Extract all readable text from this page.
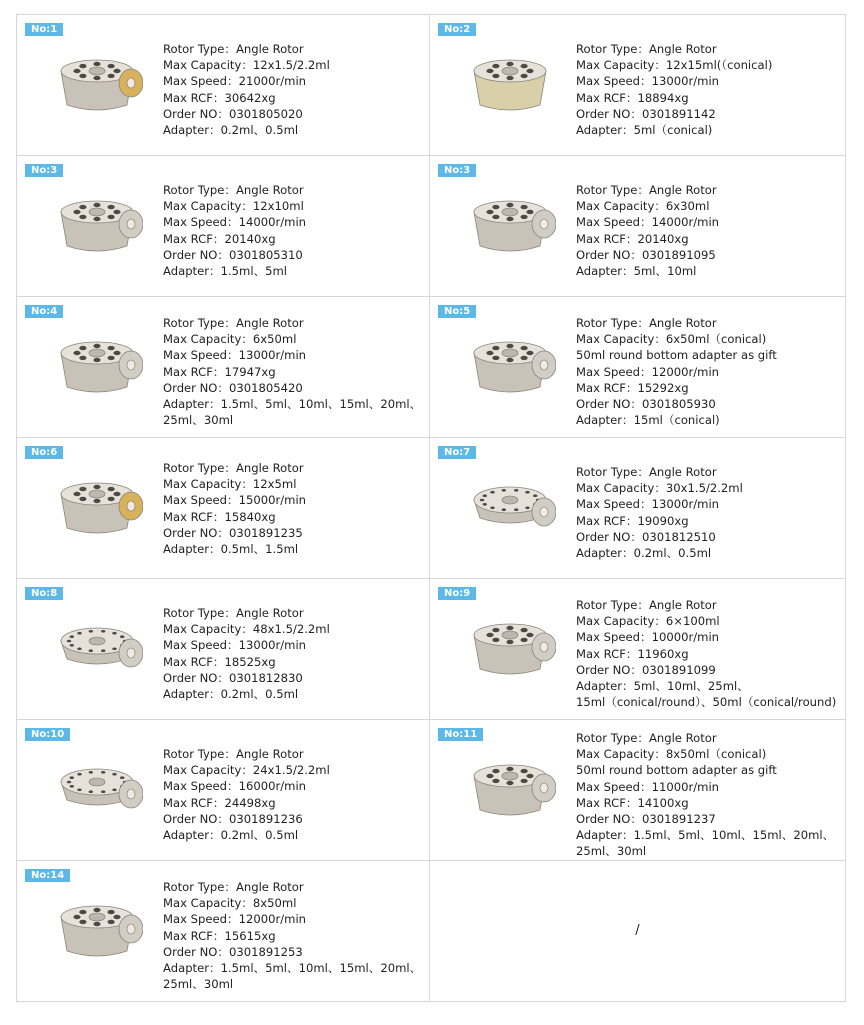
No:1
Rotor Type：Angle Rotor
Max Capacity：12x1.5/2.2ml
Max Speed：21000r/min
Max RCF：30642xg
Order NO：0301805020
Adapter：0.2ml、0.5ml
No:2
Rotor Type：Angle Rotor
Max Capacity：12x15ml(（conical)
Max Speed：13000r/min
Max RCF：18894xg
Order NO：0301891142
Adapter：5ml（conical)
No:3
Rotor Type：Angle Rotor
Max Capacity：12x10ml
Max Speed：14000r/min
Max RCF：20140xg
Order NO：0301805310
Adapter：1.5ml、5ml
No:3
Rotor Type：Angle Rotor
Max Capacity：6x30ml
Max Speed：14000r/min
Max RCF：20140xg
Order NO：0301891095
Adapter：5ml、10ml
No:4
Rotor Type：Angle Rotor
Max Capacity：6x50ml
Max Speed：13000r/min
Max RCF：17947xg
Order NO：0301805420
Adapter：1.5ml、5ml、10ml、15ml、20ml、
25ml、30ml
No:5
Rotor Type：Angle Rotor
Max Capacity：6x50ml（conical)
50ml round bottom adapter as gift
Max Speed：12000r/min
Max RCF：15292xg
Order NO：0301805930
Adapter：15ml（conical)
No:6
Rotor Type：Angle Rotor
Max Capacity：12x5ml
Max Speed：15000r/min
Max RCF：15840xg
Order NO：0301891235
Adapter：0.5ml、1.5ml
No:7
Rotor Type：Angle Rotor
Max Capacity：30x1.5/2.2ml
Max Speed：13000r/min
Max RCF：19090xg
Order NO：0301812510
Adapter：0.2ml、0.5ml
No:8
Rotor Type：Angle Rotor
Max Capacity：48x1.5/2.2ml
Max Speed：13000r/min
Max RCF：18525xg
Order NO：0301812830
Adapter：0.2ml、0.5ml
No:9
Rotor Type：Angle Rotor
Max Capacity：6×100ml
Max Speed：10000r/min
Max RCF：11960xg
Order NO：0301891099
Adapter：5ml、10ml、25ml、
15ml（conical/round）、50ml（conical/round)
No:10
Rotor Type：Angle Rotor
Max Capacity：24x1.5/2.2ml
Max Speed：16000r/min
Max RCF：24498xg
Order NO：0301891236
Adapter：0.2ml、0.5ml
No:11	Rotor Type：Angle Rotor
Max Capacity：8x50ml（conical)
50ml round bottom adapter as gift
Max Speed：11000r/min
Max RCF：14100xg
Order NO：0301891237
Adapter：1.5ml、5ml、10ml、15ml、20ml、
25ml、30ml
No:14
Rotor Type：Angle Rotor
Max Capacity：8x50ml
Max Speed：12000r/min
Max RCF：15615xg
Order NO：0301891253
Adapter：1.5ml、5ml、10ml、15ml、20ml、
25ml、30ml
/
